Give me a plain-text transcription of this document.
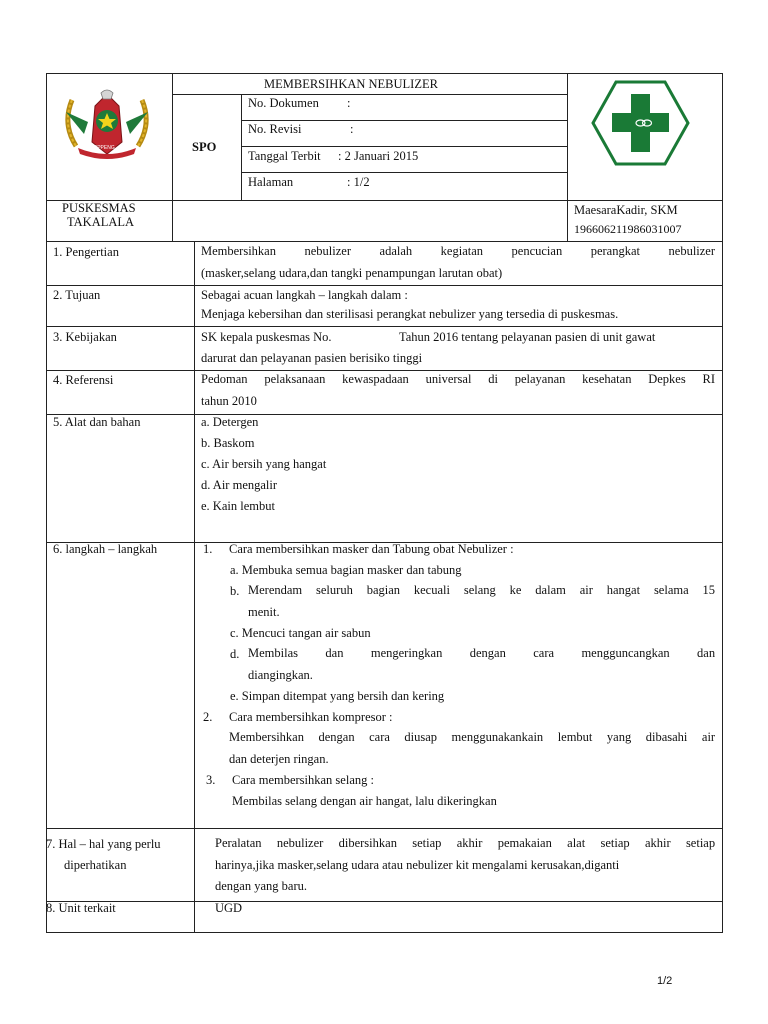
SOPPENG
MEMBERSIHKAN NEBULIZER
SPO
No. Dokumen :
No. Revisi	:
Tanggal Terbit : 2 Januari 2015
Halaman	: 1/2
PUSKESMAS
TAKALALA
MaesaraKadir, SKM
196606211986031007
1. Pengertian	Membersihkan nebulizer adalah kegiatan pencucian perangkat nebulizer
(masker,selang udara,dan tangki penampungan larutan obat)
2. Tujuan	Sebagai acuan langkah – langkah dalam :
Menjaga kebersihan dan sterilisasi perangkat nebulizer yang tersedia di puskesmas.
3. Kebijakan	SK kepala puskesmas No.	Tahun 2016 tentang pelayanan pasien di unit gawat
darurat dan pelayanan pasien berisiko tinggi
4. Referensi	Pedoman pelaksanaan kewaspadaan universal di pelayanan kesehatan Depkes RI
tahun 2010
5. Alat dan bahan	a. Detergen
b. Baskom
c. Air bersih yang hangat
d. Air mengalir
e. Kain lembut
6. langkah – langkah	1. Cara membersihkan masker dan Tabung obat Nebulizer :
a. Membuka semua bagian masker dan tabung
b. Merendam seluruh bagian kecuali selang ke dalam air hangat selama 15
menit.
c. Mencuci tangan air sabun
d. Membilas dan mengeringkan dengan cara mengguncangkan dan
diangingkan.
e. Simpan ditempat yang bersih dan kering
2. Cara membersihkan kompresor :
Membersihkan dengan cara diusap menggunakankain lembut yang dibasahi air
dan deterjen ringan.
3. Cara membersihkan selang :
Membilas selang dengan air hangat, lalu dikeringkan
7. Hal – hal yang perlu
diperhatikan
Peralatan nebulizer dibersihkan setiap akhir pemakaian alat setiap akhir setiap
harinya,jika masker,selang udara atau nebulizer kit mengalami kerusakan,diganti
dengan yang baru.
8. Unit terkait	UGD
1/2
